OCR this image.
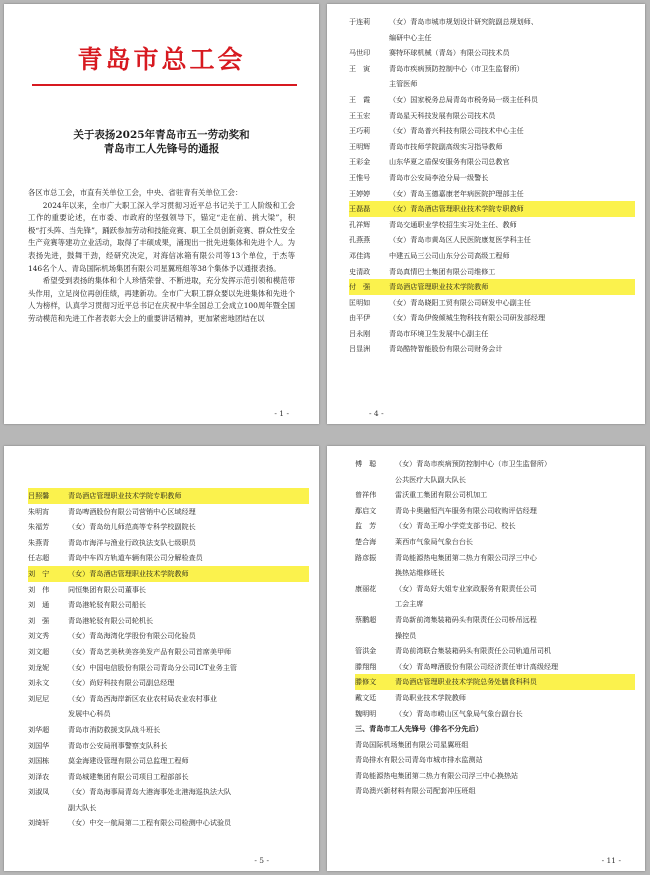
青岛市总工会
关于表扬2025年青岛市五一劳动奖和
青岛市工人先锋号的通报

各区市总工会，市直有关单位工会，中央、省驻青有关单位工会：

2024年以来，全市广大职工深入学习贯彻习近平总书记关于工人阶级和工会工作的重要论述，在市委、市政府的坚强领导下，锚定“走在前、挑大梁”，积极“打头阵、当先锋”，踊跃参加劳动和技能竞赛、职工全员创新竞赛、群众性安全生产竞赛等建功立业活动，取得了丰硕成果，涌现出一批先进集体和先进个人。为表扬先进，鼓舞干劲，经研究决定，对海信冰箱有限公司等13个单位，于杰等146名个人、青岛国际机场集团有限公司星翼班组等38个集体予以通报表扬。

希望受到表扬的集体和个人珍惜荣誉、不断进取，充分发挥示范引领和模范带头作用，立足岗位再创佳绩，再建新功。全市广大职工群众要以先进集体和先进个人为榜样，认真学习贯彻习近平总书记在庆祝中华全国总工会成立100周年暨全国劳动模范和先进工作者表彰大会上的重要讲话精神，更加紧密地团结在以

- 1 -
于连莉	（女）青岛市城市规划设计研究院副总规划师、
编研中心主任
马世印	赛特环球机械（青岛）有限公司技术员
王　寅	青岛市疾病预防控制中心（市卫生监督所）
主管医师
王　霞	（女）国家税务总局青岛市税务局一级主任科员
王玉宏	青岛星天科技发展有限公司技术员
王巧莉	（女）青岛普兴科技有限公司技术中心主任
王明辉	青岛市技师学院副高级实习指导教师
王彩金	山东华夏之盾保安服务有限公司总教官
王惟号	青岛市公安局李沧分局一级警长
王婷婷	（女）青岛玉德嘉康老年病医院护理部主任
王磊磊	（女）青岛酒店管理职业技术学院专职教师
孔祥辉	青岛交通职业学校招生实习处主任、教师
孔燕燕	（女）青岛市黄岛区人民医院康复医学科主任
邓佳鸿	中建五局三公司山东分公司高级工程师
史清政	青岛真情巴士集团有限公司维修工
付　强	青岛酒店管理职业技术学院教师
匡明如	（女）青岛晓阳工贸有限公司研发中心副主任
由平伊	（女）青岛伊俊倾城生物科技有限公司研发部经理
吕永刚	青岛市环境卫生发展中心副主任
吕显洲	青岛酷特智能股份有限公司财务会计
- 4 -
吕照馨	青岛酒店管理职业技术学院专职教师
朱明宵	青岛啤酒股份有限公司营销中心区域经理
朱福芳	（女）青岛幼儿师范高等专科学校副院长
朱燕青	青岛市海洋与渔业行政执法支队七级职员
任志超	青岛中车四方轨道车辆有限公司分解检查员
刘　宁	（女）青岛酒店管理职业技术学院教师
刘　伟	同恒集团有限公司董事长
刘　通	青岛港轮驳有限公司船长
刘　强	青岛港轮驳有限公司轮机长
刘文秀	（女）青岛海湾化学股份有限公司化验员
刘文超	（女）青岛艺美秋美容美发产品有限公司首席美甲师
刘龙妮	（女）中国电信股份有限公司青岛分公司ICT业务主管
刘永文	（女）尚好科技有限公司副总经理
刘尼尼	（女）青岛西海岸新区农业农村局农业农村事业
发展中心科员
刘华超	青岛市消防救援支队战斗班长
刘国华	青岛市公安局刑事警察支队科长
刘国栋	莫金海建设管理有限公司总监理工程师
刘泽农	青岛城建集团有限公司项目工程部部长
刘淑凤	（女）青岛海事局青岛大港海事处北港海巡执法大队
副大队长
刘绮轩	（女）中交一航局第二工程有限公司检测中心试验员
- 5 -
傅　聪	（女）青岛市疾病预防控制中心（市卫生监督所）
公共医疗大队副大队长
曾祥伟	雷沃重工集团有限公司机加工
鄢启文	青岛卡奥融恒汽车服务有限公司收购评估经理
监　芳	（女）青岛王埠小学党支部书记、校长
楚合海	莱西市气象局气象台台长
路彦振	青岛能源热电集团第二热力有限公司浮三中心
换热站维修班长
康丽花	（女）青岛好大姐专业家政服务有限责任公司
工会主席
蔡鹏超	青岛新前湾集装箱码头有限责任公司桥吊远程
操控员
管洪金	青岛前湾联合集装箱码头有限责任公司轨道吊司机
滕翔翔	（女）青岛啤酒股份有限公司经济责任审计高级经理
滕修文	青岛酒店管理职业技术学院总务处膳食科科员
戴文廷	青岛职业技术学院教师
魏明明	（女）青岛市崂山区气象局气象台副台长
三、青岛市工人先锋号（排名不分先后）
青岛国际机场集团有限公司星翼班组
青岛排水有限公司青岛市城市排水监测站
青岛能源热电集团第二热力有限公司浮三中心换热站
青岛澳兴新材料有限公司配套冲压班组
- 11 -
